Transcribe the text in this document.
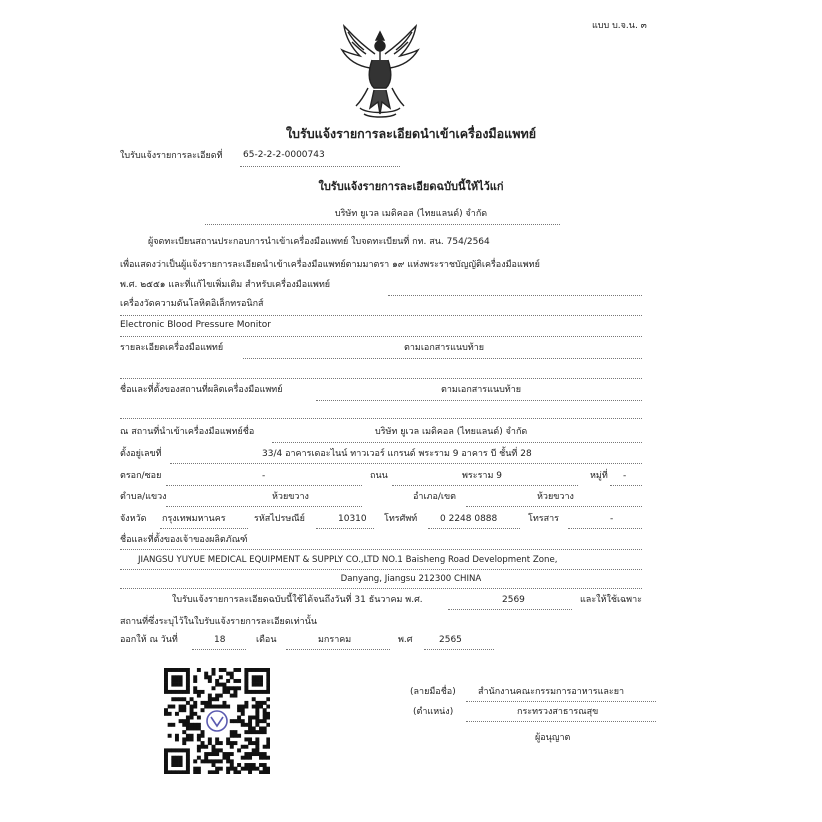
แบบ บ.จ.น. ๓
ใบรับแจ้งรายการละเอียดนำเข้าเครื่องมือแพทย์
ใบรับแจ้งรายการละเอียดที่ 65-2-2-2-0000743
ใบรับแจ้งรายการละเอียดฉบับนี้ให้ไว้แก่
บริษัท ยูเวล เมดิคอล (ไทยแลนด์) จำกัด
ผู้จดทะเบียนสถานประกอบการนำเข้าเครื่องมือแพทย์ ใบจดทะเบียนที่ กท. สน. 754/2564
เพื่อแสดงว่าเป็นผู้แจ้งรายการละเอียดนำเข้าเครื่องมือแพทย์ตามมาตรา ๑๙ แห่งพระราชบัญญัติเครื่องมือแพทย์
พ.ศ. ๒๕๕๑ และที่แก้ไขเพิ่มเติม สำหรับเครื่องมือแพทย์
เครื่องวัดความดันโลหิตอิเล็กทรอนิกส์
Electronic Blood Pressure Monitor
รายละเอียดเครื่องมือแพทย์	ตามเอกสารแนบท้าย
ชื่อและที่ตั้งของสถานที่ผลิตเครื่องมือแพทย์	ตามเอกสารแนบท้าย
ณ สถานที่นำเข้าเครื่องมือแพทย์ชื่อ	บริษัท ยูเวล เมดิคอล (ไทยแลนด์) จำกัด
ตั้งอยู่เลขที่	33/4 อาคารเดอะไนน์ ทาวเวอร์ แกรนด์ พระราม 9 อาคาร บี ชั้นที่ 28
ตรอก/ซอย	-	ถนน	พระราม 9	หมู่ที่ -
ตำบล/แขวง	ห้วยขวาง	อำเภอ/เขต	ห้วยขวาง
จังหวัด กรุงเทพมหานคร	รหัสไปรษณีย์	10310 โทรศัพท์	0 2248 0888	โทรสาร	-
ชื่อและที่ตั้งของเจ้าของผลิตภัณฑ์
JIANGSU YUYUE MEDICAL EQUIPMENT & SUPPLY CO.,LTD NO.1 Baisheng Road Development Zone,
Danyang, Jiangsu 212300 CHINA
ใบรับแจ้งรายการละเอียดฉบับนี้ใช้ได้จนถึงวันที่ 31 ธันวาคม พ.ศ.	2569	และให้ใช้เฉพาะ
สถานที่ซึ่งระบุไว้ในใบรับแจ้งรายการละเอียดเท่านั้น
ออกให้ ณ วันที่	18	เดือน	มกราคม	พ.ศ	2565
(ลายมือชื่อ) สำนักงานคณะกรรมการอาหารและยา
(ตำแหน่ง)	กระทรวงสาธารณสุข
ผู้อนุญาต
